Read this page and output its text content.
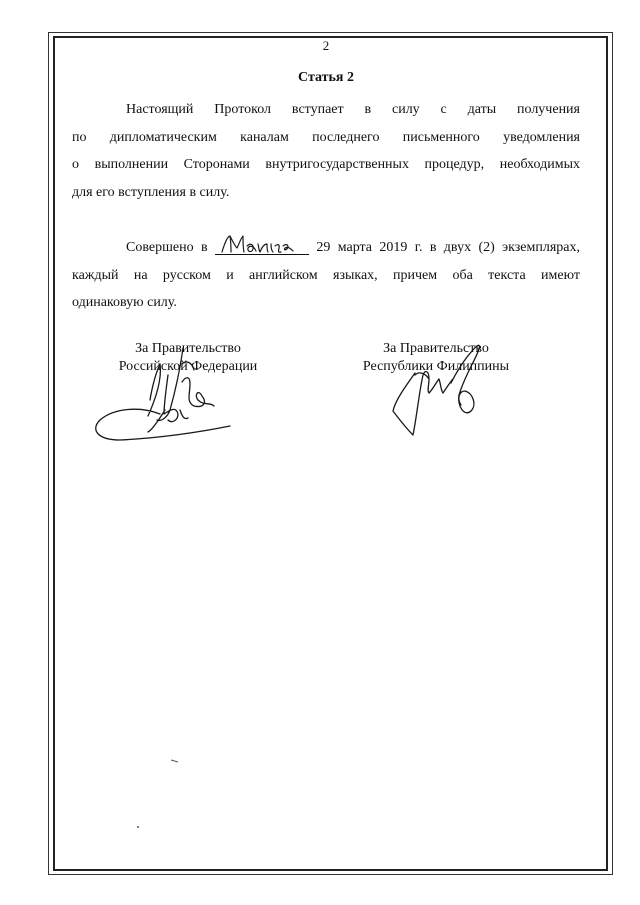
2
Статья 2
Настоящий Протокол вступает в силу с даты получения
по дипломатическим каналам последнего письменного уведомления
о выполнении Сторонами внутригосударственных процедур, необходимых
для его вступления в силу.
Совершено в	29 марта 2019 г. в двух (2) экземплярах,
каждый на русском и английском языках, причем оба текста имеют
одинаковую силу.
За Правительство
Российской Федерации
За Правительство
Республики Филиппины
